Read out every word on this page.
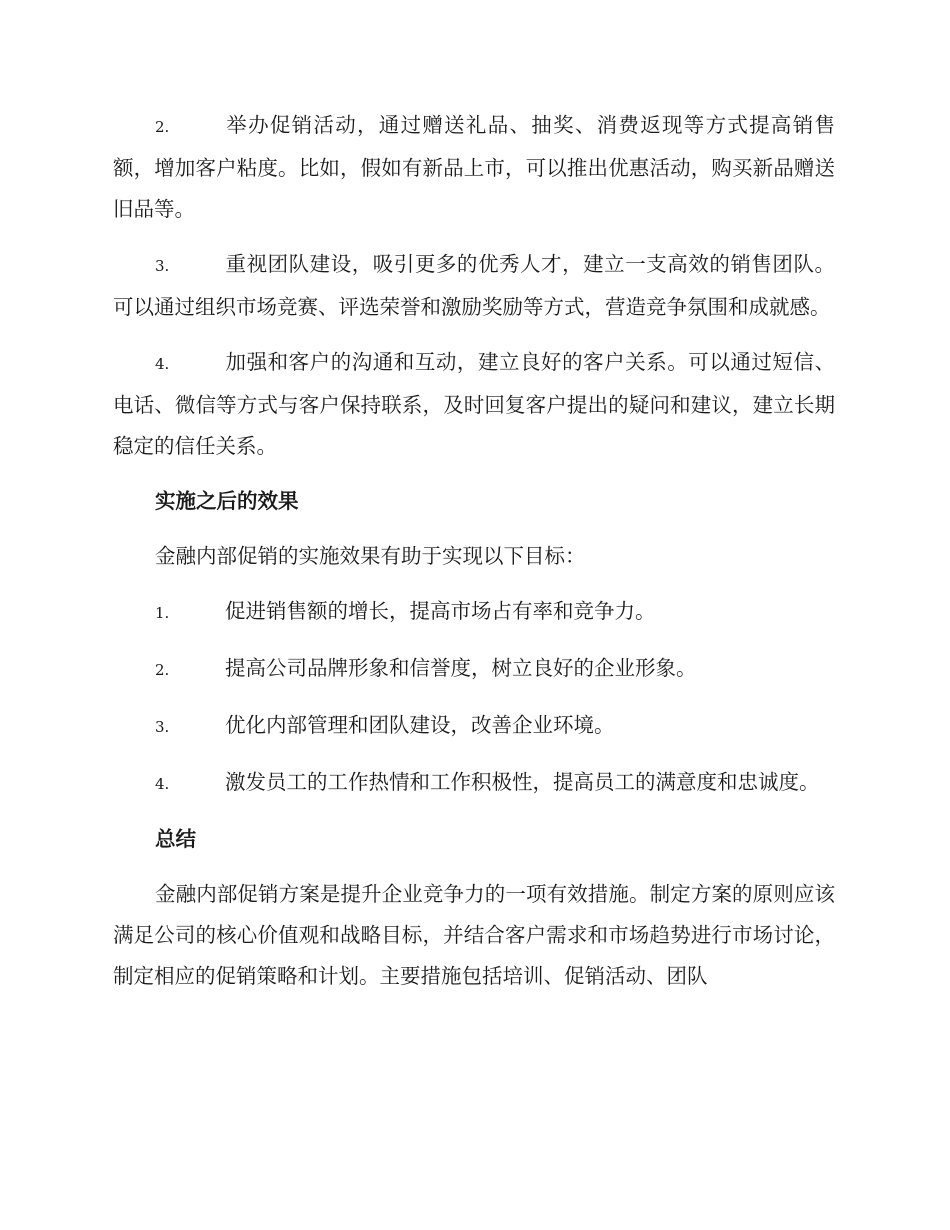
2.	举办促销活动，通过赠送礼品、抽奖、消费返现等方式提高销售额，增加客户粘度。比如，假如有新品上市，可以推出优惠活动，购买新品赠送旧品等。

3.	重视团队建设，吸引更多的优秀人才，建立一支高效的销售团队。可以通过组织市场竞赛、评选荣誉和激励奖励等方式，营造竞争氛围和成就感。

4.	加强和客户的沟通和互动，建立良好的客户关系。可以通过短信、电话、微信等方式与客户保持联系，及时回复客户提出的疑问和建议，建立长期稳定的信任关系。

实施之后的效果

金融内部促销的实施效果有助于实现以下目标：

1.	促进销售额的增长，提高市场占有率和竞争力。

2.	提高公司品牌形象和信誉度，树立良好的企业形象。

3.	优化内部管理和团队建设，改善企业环境。

4.	激发员工的工作热情和工作积极性，提高员工的满意度和忠诚度。

总结

金融内部促销方案是提升企业竞争力的一项有效措施。制定方案的原则应该满足公司的核心价值观和战略目标，并结合客户需求和市场趋势进行市场讨论，制定相应的促销策略和计划。主要措施包括培训、促销活动、团队
